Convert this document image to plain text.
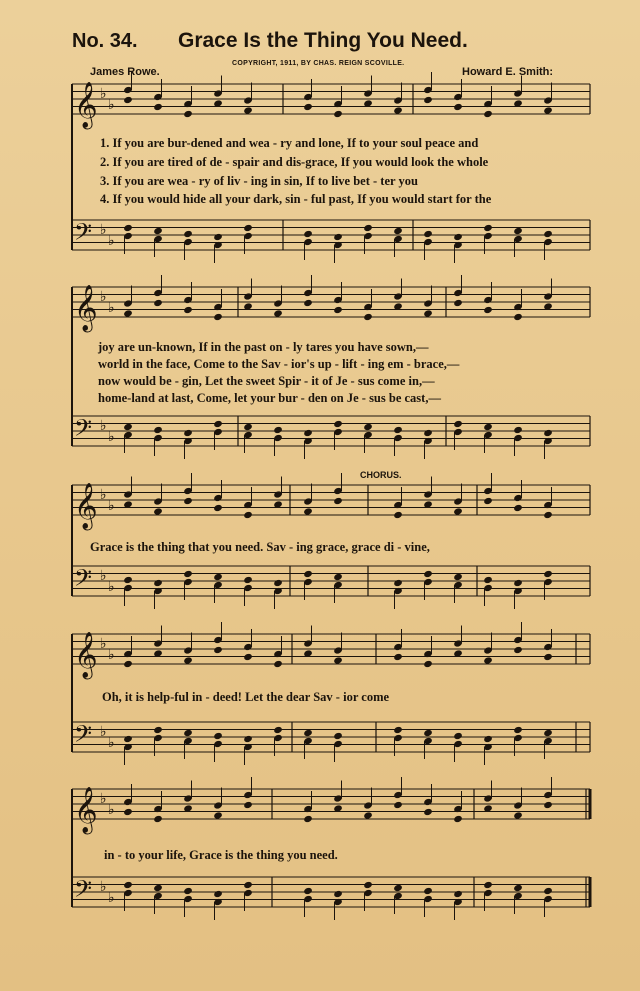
𝄞 ♭
♭
𝄢 ♭
♭
𝄞 ♭
♭
𝄢 ♭
♭
𝄞 ♭
♭
𝄢 ♭
♭
𝄞 ♭
♭
𝄢 ♭
♭
𝄞 ♭
♭
𝄢 ♭
♭
No. 34. Grace Is the Thing You Need.
James Rowe.
COPYRIGHT, 1911, BY CHAS. REIGN SCOVILLE.
Howard E. Smith:
CHORUS.
1. If you are bur-dened and wea - ry and lone, If to your soul peace and
2. If you are tired of de - spair and dis-grace, If you would look the whole
3. If you are wea - ry of liv - ing in sin, If to live bet - ter you
4. If you would hide all your dark, sin - ful past, If you would start for the
joy are un-known, If in the past on - ly tares you have sown,—
world in the face, Come to the Sav - ior's up - lift - ing em - brace,—
now would be - gin, Let the sweet Spir - it of Je - sus come in,—
home-land at last, Come, let your bur - den on Je - sus be cast,—
Grace is the thing that you need. Sav - ing grace, grace di - vine,
Oh, it is help-ful in - deed! Let the dear Sav - ior come
in - to your life, Grace is the thing you need.
